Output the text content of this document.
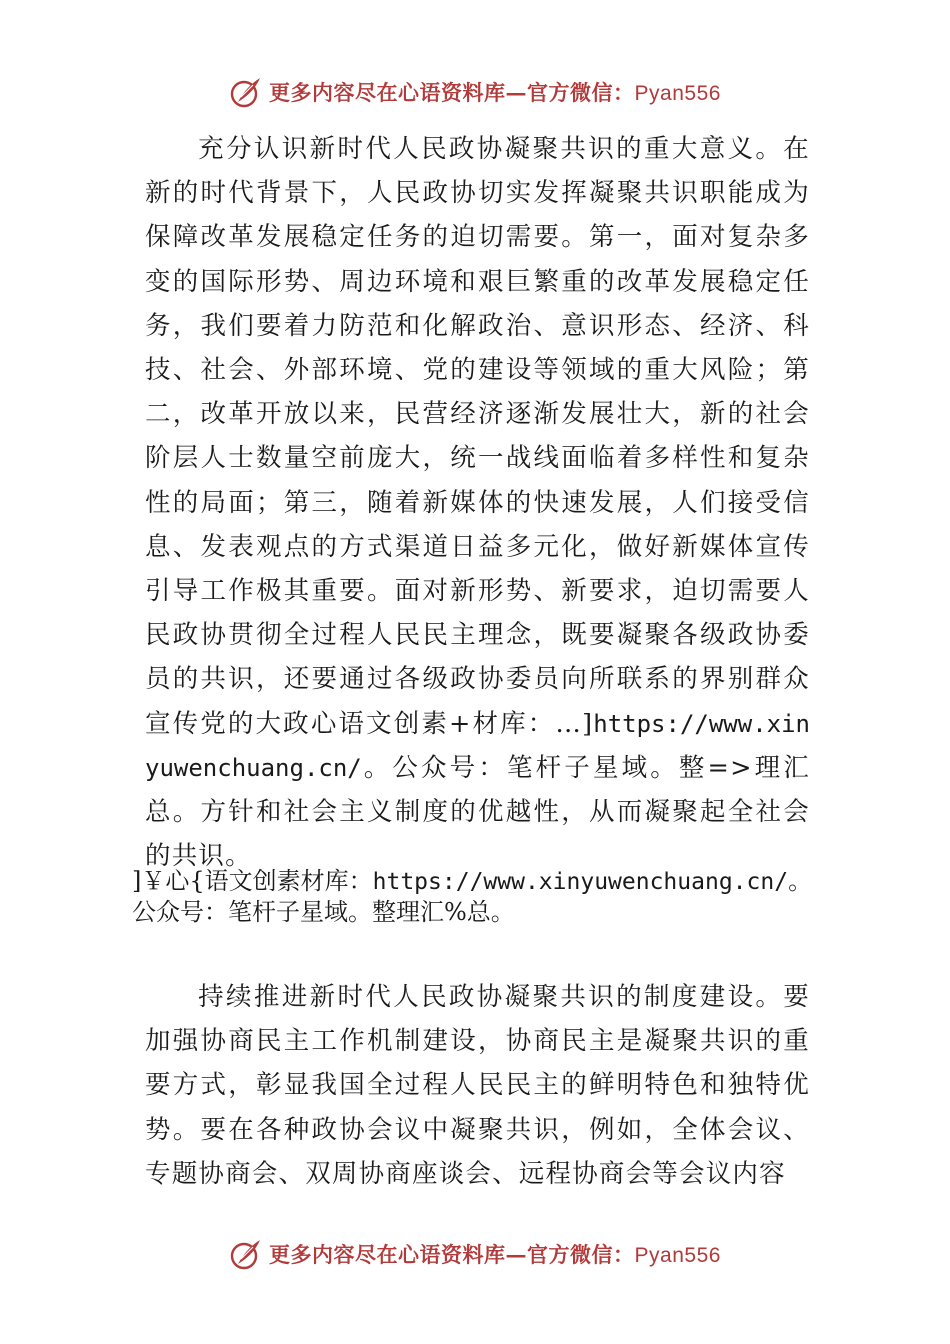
更多内容尽在心语资料库—官方微信：Pyan556

充分认识新时代人民政协凝聚共识的重大意义。在新的时代背景下，人民政协切实发挥凝聚共识职能成为保障改革发展稳定任务的迫切需要。第一，面对复杂多变的国际形势、周边环境和艰巨繁重的改革发展稳定任务，我们要着力防范和化解政治、意识形态、经济、科技、社会、外部环境、党的建设等领域的重大风险；第二，改革开放以来，民营经济逐渐发展壮大，新的社会阶层人士数量空前庞大，统一战线面临着多样性和复杂性的局面；第三，随着新媒体的快速发展，人们接受信息、发表观点的方式渠道日益多元化，做好新媒体宣传引导工作极其重要。面对新形势、新要求，迫切需要人民政协贯彻全过程人民民主理念，既要凝聚各级政协委员的共识，还要通过各级政协委员向所联系的界别群众宣传党的大政心语文创素+材库：…]https://www.xinyuwenchuang.cn/。公众号：笔杆子星域。整=>理汇总。方针和社会主义制度的优越性，从而凝聚起全社会的共识。

]￥心{语文创素材库：https://www.xinyuwenchuang.cn/。公众号：笔杆子星域。整理汇%总。

持续推进新时代人民政协凝聚共识的制度建设。要加强协商民主工作机制建设，协商民主是凝聚共识的重要方式，彰显我国全过程人民民主的鲜明特色和独特优势。要在各种政协会议中凝聚共识，例如，全体会议、专题协商会、双周协商座谈会、远程协商会等会议内容

更多内容尽在心语资料库—官方微信：Pyan556
